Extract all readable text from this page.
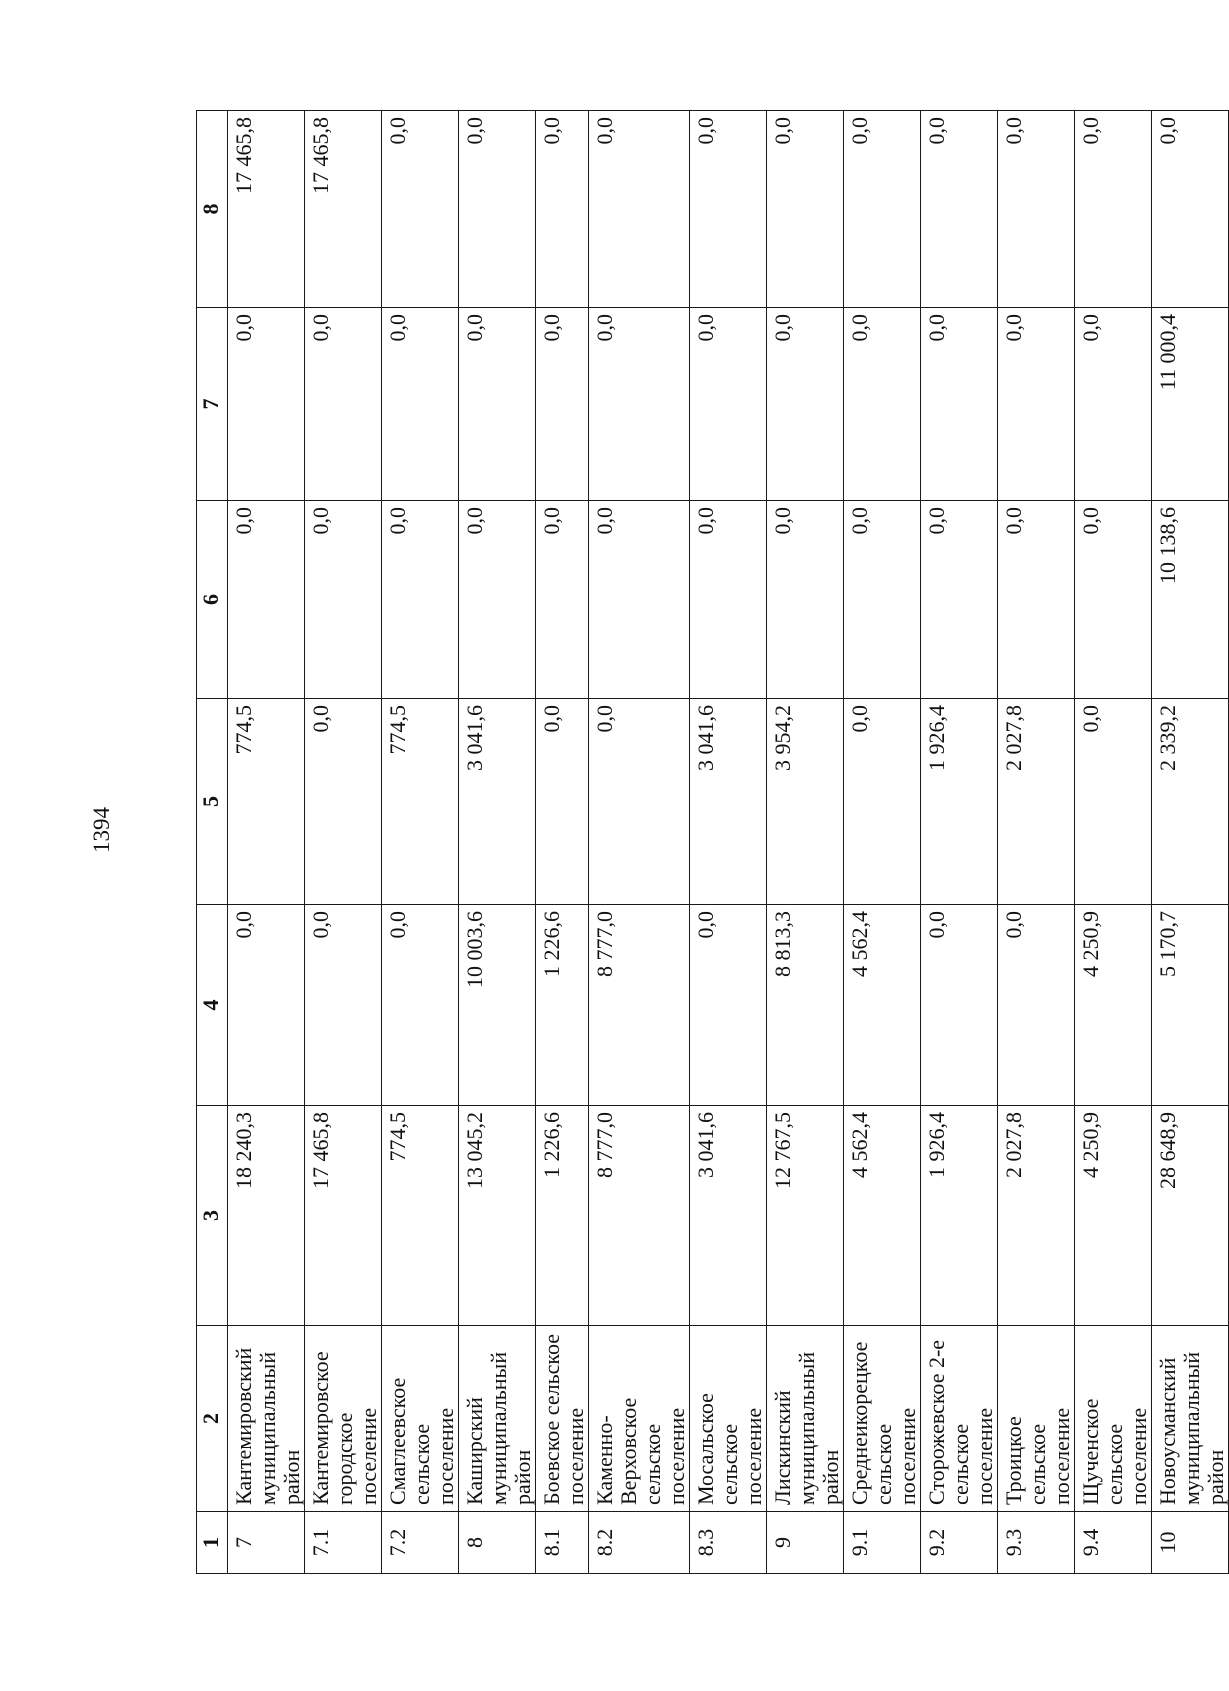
1394
1	2	3	4	5	6	7	8
7	Кантемировский муниципальный район	18 240,3	0,0	774,5	0,0	0,0	17 465,8
7.1	Кантемировское городское поселение	17 465,8	0,0	0,0	0,0	0,0	17 465,8
7.2	Смаглеевское сельское поселение	774,5	0,0	774,5	0,0	0,0	0,0
8	Каширский муниципальный район	13 045,2	10 003,6	3 041,6	0,0	0,0	0,0
8.1	Боевское сельское поселение	1 226,6	1 226,6	0,0	0,0	0,0	0,0
8.2	Каменно-Верховское сельское поселение	8 777,0	8 777,0	0,0	0,0	0,0	0,0
8.3	Мосальское сельское поселение	3 041,6	0,0	3 041,6	0,0	0,0	0,0
9	Лискинский муниципальный район	12 767,5	8 813,3	3 954,2	0,0	0,0	0,0
9.1	Среднеикорецкое сельское поселение	4 562,4	4 562,4	0,0	0,0	0,0	0,0
9.2	Сторожевское 2-е сельское поселение	1 926,4	0,0	1 926,4	0,0	0,0	0,0
9.3	Троицкое сельское поселение	2 027,8	0,0	2 027,8	0,0	0,0	0,0
9.4	Щученское сельское поселение	4 250,9	4 250,9	0,0	0,0	0,0	0,0
10	Новоусманский муниципальный район	28 648,9	5 170,7	2 339,2	10 138,6	11 000,4	0,0
